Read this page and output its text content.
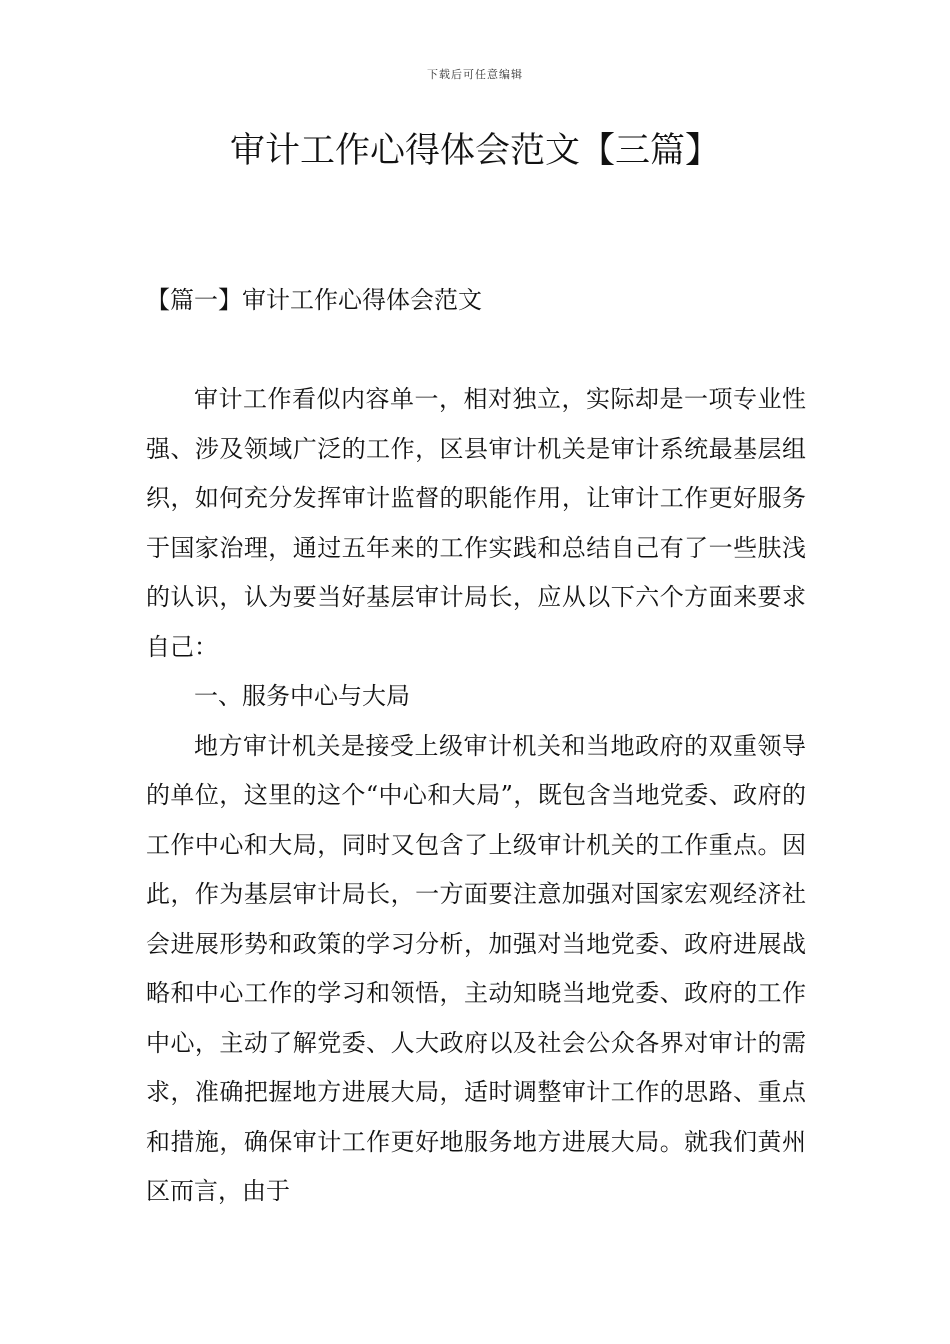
下载后可任意编辑
审计工作心得体会范文【三篇】
【篇一】审计工作心得体会范文

审计工作看似内容单一，相对独立，实际却是一项专业性强、涉及领域广泛的工作，区县审计机关是审计系统最基层组织，如何充分发挥审计监督的职能作用，让审计工作更好服务于国家治理，通过五年来的工作实践和总结自己有了一些肤浅的认识，认为要当好基层审计局长，应从以下六个方面来要求自己：

一、服务中心与大局

地方审计机关是接受上级审计机关和当地政府的双重领导的单位，这里的这个“中心和大局”，既包含当地党委、政府的工作中心和大局，同时又包含了上级审计机关的工作重点。因此，作为基层审计局长，一方面要注意加强对国家宏观经济社会进展形势和政策的学习分析，加强对当地党委、政府进展战略和中心工作的学习和领悟，主动知晓当地党委、政府的工作中心，主动了解党委、人大政府以及社会公众各界对审计的需求，准确把握地方进展大局，适时调整审计工作的思路、重点和措施，确保审计工作更好地服务地方进展大局。就我们黄州区而言，由于
